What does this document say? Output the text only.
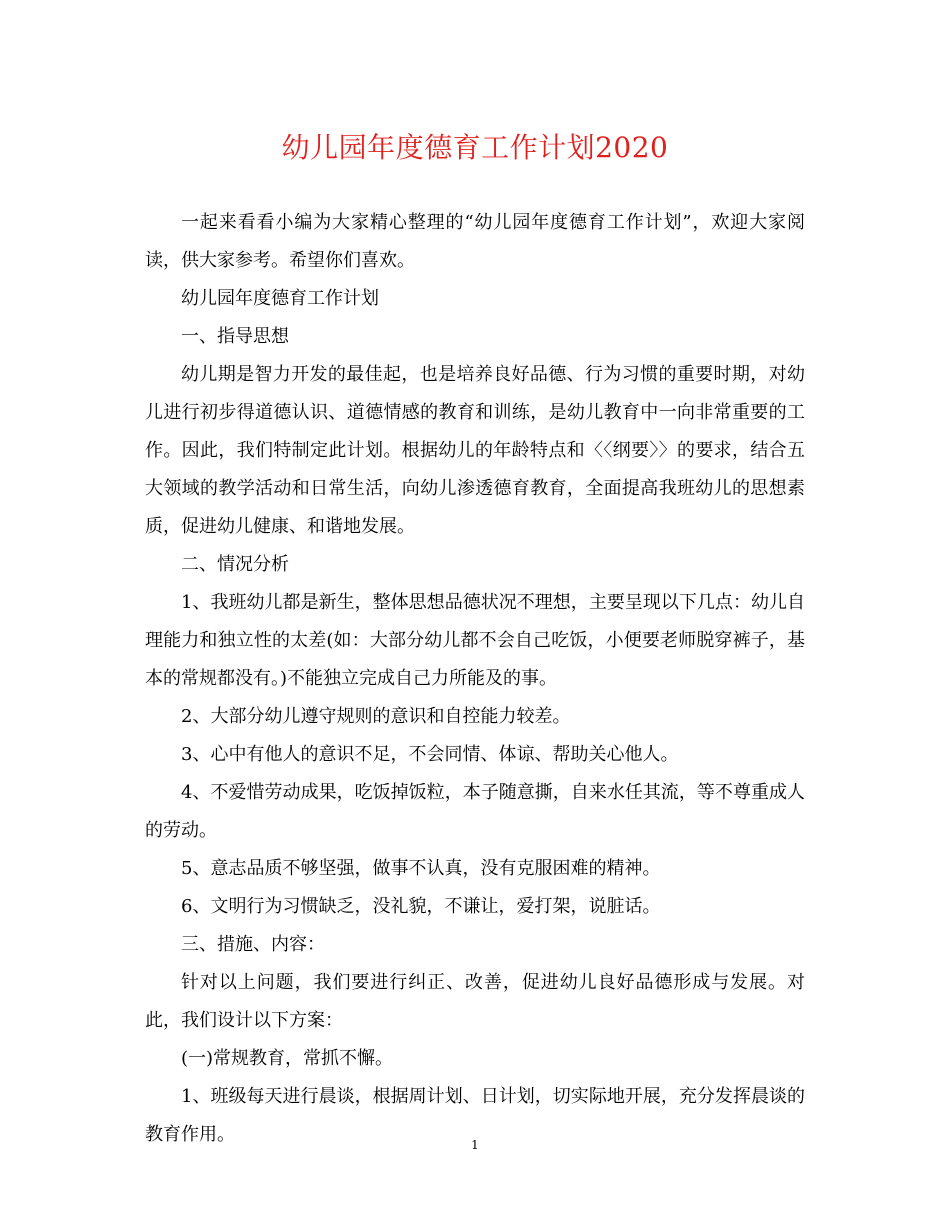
幼儿园年度德育工作计划2020

一起来看看小编为大家精心整理的“幼儿园年度德育工作计划”，欢迎大家阅读，供大家参考。希望你们喜欢。

幼儿园年度德育工作计划

一、指导思想

幼儿期是智力开发的最佳起，也是培养良好品德、行为习惯的重要时期，对幼儿进行初步得道德认识、道德情感的教育和训练，是幼儿教育中一向非常重要的工作。因此，我们特制定此计划。根据幼儿的年龄特点和〈〈纲要〉〉的要求，结合五大领域的教学活动和日常生活，向幼儿渗透德育教育，全面提高我班幼儿的思想素质，促进幼儿健康、和谐地发展。

二、情况分析

1、我班幼儿都是新生，整体思想品德状况不理想，主要呈现以下几点：幼儿自理能力和独立性的太差(如：大部分幼儿都不会自己吃饭，小便要老师脱穿裤子，基本的常规都没有。)不能独立完成自己力所能及的事。

2、大部分幼儿遵守规则的意识和自控能力较差。

3、心中有他人的意识不足，不会同情、体谅、帮助关心他人。

4、不爱惜劳动成果，吃饭掉饭粒，本子随意撕，自来水任其流，等不尊重成人的劳动。

5、意志品质不够坚强，做事不认真，没有克服困难的精神。

6、文明行为习惯缺乏，没礼貌，不谦让，爱打架，说脏话。

三、措施、内容：

针对以上问题，我们要进行纠正、改善，促进幼儿良好品德形成与发展。对此，我们设计以下方案：

(一)常规教育，常抓不懈。

1、班级每天进行晨谈，根据周计划、日计划，切实际地开展，充分发挥晨谈的教育作用。	1
